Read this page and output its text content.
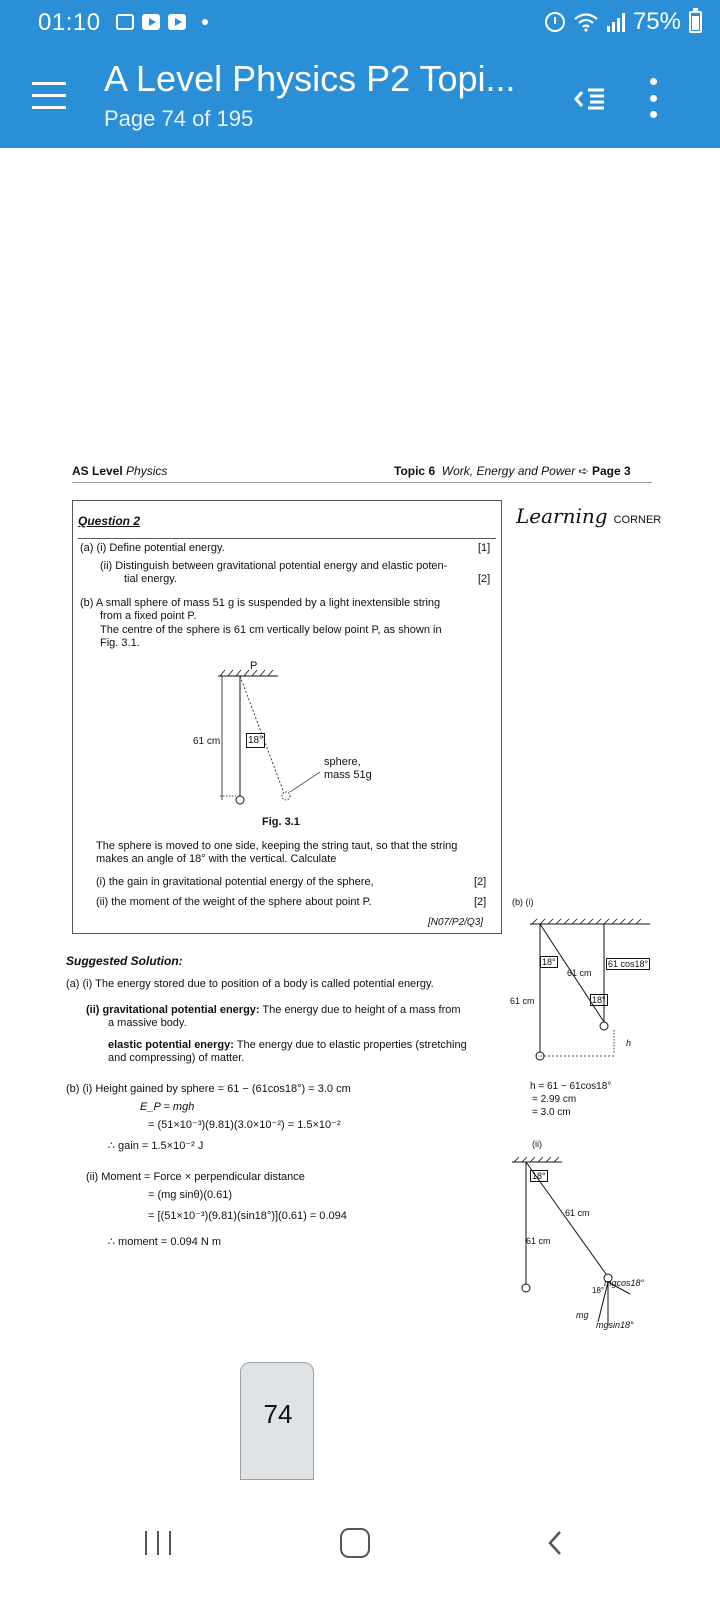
01:10	75%
A Level Physics P2 Topi...
Page 74 of 195
AS Level Physics	Topic 6 Work, Energy and Power ➪ Page 3
Learning CORNER
Question 2
(a) (i) Define potential energy.	[1]
(ii) Distinguish between gravitational potential energy and elastic poten-
tial energy.	[2]
(b) A small sphere of mass 51 g is suspended by a light inextensible string
from a fixed point P.
The centre of the sphere is 61 cm vertically below point P, as shown in
Fig. 3.1.
P
61 cm	18°
sphere,
mass 51g
Fig. 3.1
The sphere is moved to one side, keeping the string taut, so that the string
makes an angle of 18° with the vertical. Calculate
(i) the gain in gravitational potential energy of the sphere,	[2]
(ii) the moment of the weight of the sphere about point P.	[2]
[N07/P2/Q3]
Suggested Solution:
(a) (i) The energy stored due to position of a body is called potential energy.
(ii) gravitational potential energy: The energy due to height of a mass from
a massive body.
elastic potential energy: The energy due to elastic properties (stretching
and compressing) of matter.
(b) (i) Height gained by sphere = 61 − (61cos18°) = 3.0 cm
E_P = mgh
= (51×10⁻³)(9.81)(3.0×10⁻²) = 1.5×10⁻²
∴ gain = 1.5×10⁻² J
(ii) Moment = Force × perpendicular distance
= (mg sinθ)(0.61)
= [(51×10⁻³)(9.81)(sin18°)](0.61) = 0.094
∴ moment = 0.094 N m
(b) (i)
18°
61 cm
61 cos18°
61 cm	18°
h
h = 61 − 61cos18°
= 2.99 cm
= 3.0 cm
(ii)
18°
61 cm
61 cm
18°
mgcos18°
mg
mgsin18°
74
